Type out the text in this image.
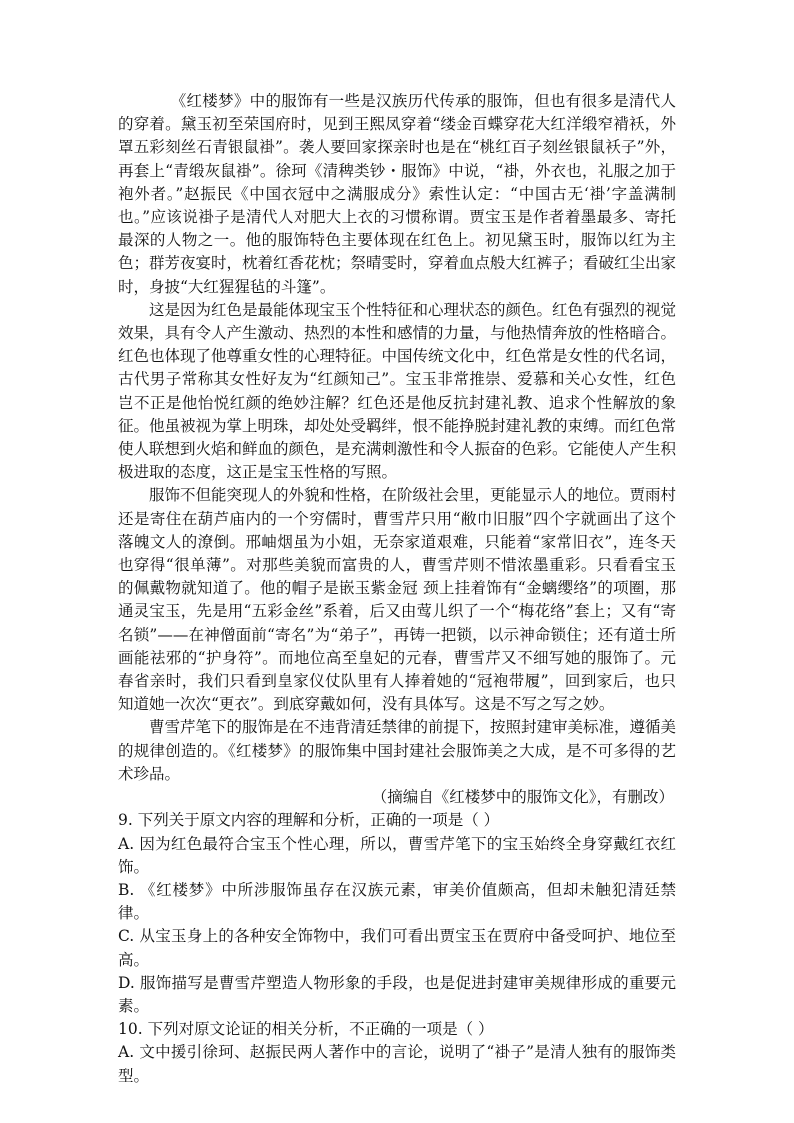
《红楼梦》中的服饰有一些是汉族历代传承的服饰，但也有很多是清代人的穿着。黛玉初至荣国府时，见到王熙凤穿着“缕金百蝶穿花大红洋缎窄褙袄，外罩五彩刻丝石青银鼠褂”。袭人要回家探亲时也是在“桃红百子刻丝银鼠袄子”外，再套上“青缎灰鼠褂”。徐珂《清稗类钞・服饰》中说，“褂，外衣也，礼服之加于袍外者。”赵振民《中国衣冠中之满服成分》索性认定：“中国古无‘褂’字盖满制也。”应该说褂子是清代人对肥大上衣的习惯称谓。贾宝玉是作者着墨最多、寄托最深的人物之一。他的服饰特色主要体现在红色上。初见黛玉时，服饰以红为主色；群芳夜宴时，枕着红香花枕；祭晴雯时，穿着血点般大红裤子；看破红尘出家时，身披“大红猩猩毡的斗篷”。

这是因为红色是最能体现宝玉个性特征和心理状态的颜色。红色有强烈的视觉效果，具有令人产生激动、热烈的本性和感情的力量，与他热情奔放的性格暗合。红色也体现了他尊重女性的心理特征。中国传统文化中，红色常是女性的代名词，古代男子常称其女性好友为“红颜知己”。宝玉非常推崇、爱慕和关心女性，红色岂不正是他怡悦红颜的绝妙注解？红色还是他反抗封建礼教、追求个性解放的象征。他虽被视为掌上明珠，却处处受羁绊，恨不能挣脱封建礼教的束缚。而红色常使人联想到火焰和鲜血的颜色，是充满刺激性和令人振奋的色彩。它能使人产生积极进取的态度，这正是宝玉性格的写照。

服饰不但能突现人的外貌和性格，在阶级社会里，更能显示人的地位。贾雨村还是寄住在葫芦庙内的一个穷儒时，曹雪芹只用“敝巾旧服”四个字就画出了这个落魄文人的潦倒。邢岫烟虽为小姐，无奈家道艰难，只能着“家常旧衣”，连冬天也穿得“很单薄”。对那些美貌而富贵的人，曹雪芹则不惜浓墨重彩。只看看宝玉的佩戴物就知道了。他的帽子是嵌玉紫金冠 颈上挂着饰有“金螭缨络”的项圈，那通灵宝玉，先是用“五彩金丝”系着，后又由莺儿织了一个“梅花络”套上；又有“寄名锁”——在神僧面前“寄名”为“弟子”，再铸一把锁，以示神命锁住；还有道士所画能祛邪的“护身符”。而地位高至皇妃的元春，曹雪芹又不细写她的服饰了。元春省亲时，我们只看到皇家仪仗队里有人捧着她的“冠袍带履”，回到家后，也只知道她一次次“更衣”。到底穿戴如何，没有具体写。这是不写之写之妙。

曹雪芹笔下的服饰是在不违背清廷禁律的前提下，按照封建审美标准，遵循美的规律创造的。《红楼梦》的服饰集中国封建社会服饰美之大成，是不可多得的艺术珍品。

（摘编自《红楼梦中的服饰文化》，有删改）

9. 下列关于原文内容的理解和分析，正确的一项是（ ）

A. 因为红色最符合宝玉个性心理，所以，曹雪芹笔下的宝玉始终全身穿戴红衣红饰。

B. 《红楼梦》中所涉服饰虽存在汉族元素，审美价值颇高，但却未触犯清廷禁律。

C. 从宝玉身上的各种安全饰物中，我们可看出贾宝玉在贾府中备受呵护、地位至高。

D. 服饰描写是曹雪芹塑造人物形象的手段，也是促进封建审美规律形成的重要元素。

10. 下列对原文论证的相关分析，不正确的一项是（ ）

A. 文中援引徐珂、赵振民两人著作中的言论，说明了“褂子”是清人独有的服饰类型。
